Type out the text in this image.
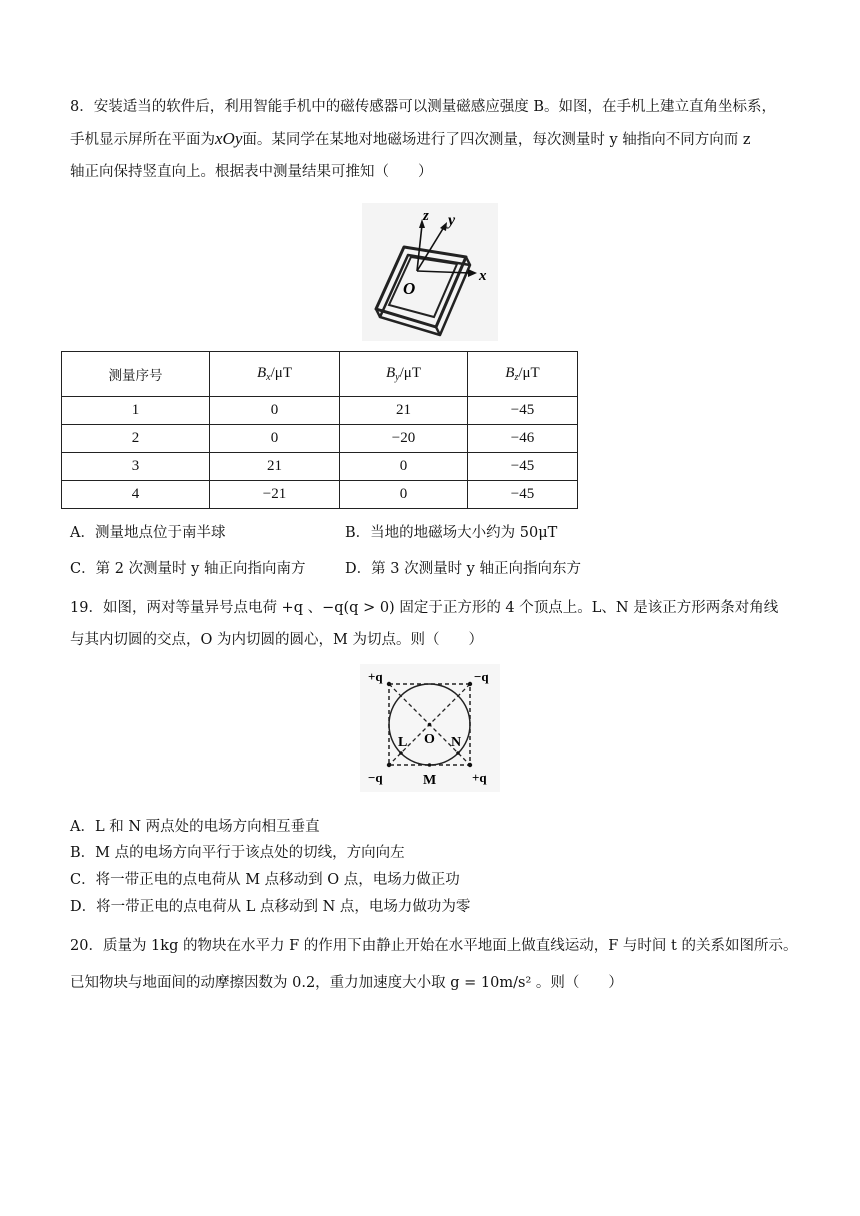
8．安装适当的软件后，利用智能手机中的磁传感器可以测量磁感应强度 B。如图，在手机上建立直角坐标系，
手机显示屏所在平面为xOy面。某同学在某地对地磁场进行了四次测量，每次测量时 y 轴指向不同方向而 z
轴正向保持竖直向上。根据表中测量结果可推知（　　）
z y
x
O
测量序号	$B_x/\mu T$	$B_y/\mu T$	$B_z/\mu T$
1	0	21	−45
2	0	−20	−46
3	21	0	−45
4	−21	0	−45
A．测量地点位于南半球	B．当地的地磁场大小约为 50μT
C．第 2 次测量时 y 轴正向指向南方	D．第 3 次测量时 y 轴正向指向东方
19．如图，两对等量异号点电荷 +q 、−q(q > 0) 固定于正方形的 4 个顶点上。L、N 是该正方形两条对角线
与其内切圆的交点，O 为内切圆的圆心，M 为切点。则（　　）
+q	−q
−q	+q
L O N
M
A．L 和 N 两点处的电场方向相互垂直
B．M 点的电场方向平行于该点处的切线，方向向左
C．将一带正电的点电荷从 M 点移动到 O 点，电场力做正功
D．将一带正电的点电荷从 L 点移动到 N 点，电场力做功为零
20．质量为 1kg 的物块在水平力 F 的作用下由静止开始在水平地面上做直线运动，F 与时间 t 的关系如图所示。
已知物块与地面间的动摩擦因数为 0.2，重力加速度大小取 g = 10m/s² 。则（　　）
